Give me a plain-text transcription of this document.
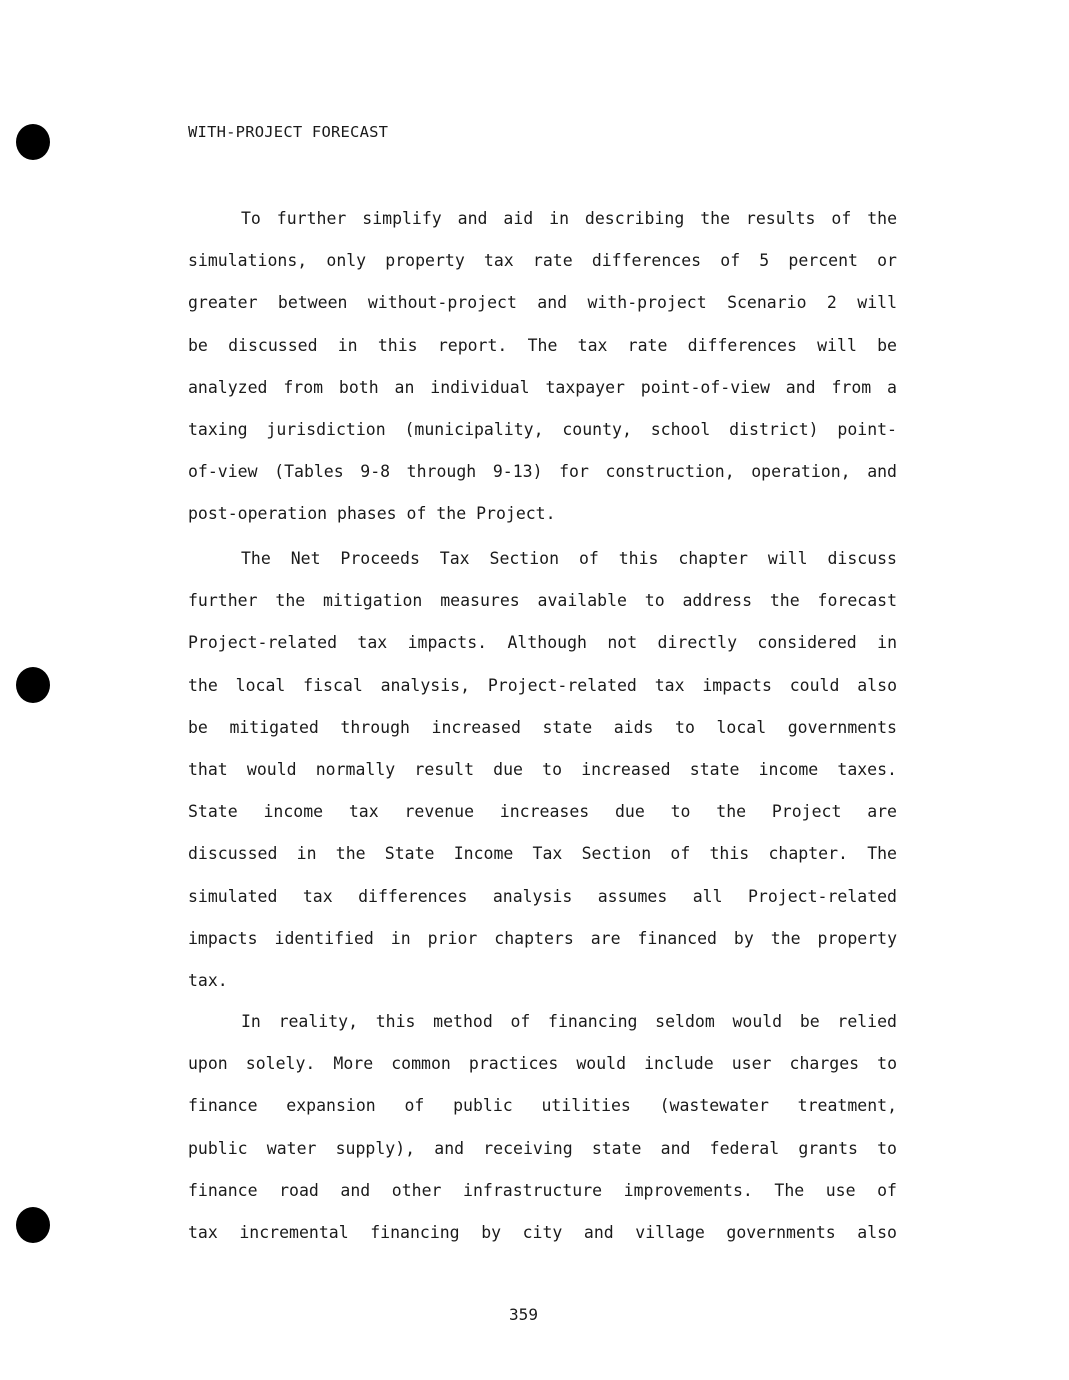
WITH-PROJECT FORECAST

To further simplify and aid in describing the results of the
simulations, only property tax rate differences of 5 percent or
greater between without-project and with-project Scenario 2 will
be discussed in this report. The tax rate differences will be
analyzed from both an individual taxpayer point-of-view and from a
taxing jurisdiction (municipality, county, school district) point-
of-view (Tables 9-8 through 9-13) for construction, operation, and
post-operation phases of the Project.

The Net Proceeds Tax Section of this chapter will discuss
further the mitigation measures available to address the forecast
Project-related tax impacts. Although not directly considered in
the local fiscal analysis, Project-related tax impacts could also
be mitigated through increased state aids to local governments
that would normally result due to increased state income taxes.
State income tax revenue increases due to the Project are
discussed in the State Income Tax Section of this chapter. The
simulated tax differences analysis assumes all Project-related
impacts identified in prior chapters are financed by the property
tax.

In reality, this method of financing seldom would be relied
upon solely. More common practices would include user charges to
finance expansion of public utilities (wastewater treatment,
public water supply), and receiving state and federal grants to
finance road and other infrastructure improvements. The use of
tax incremental financing by city and village governments also

359
